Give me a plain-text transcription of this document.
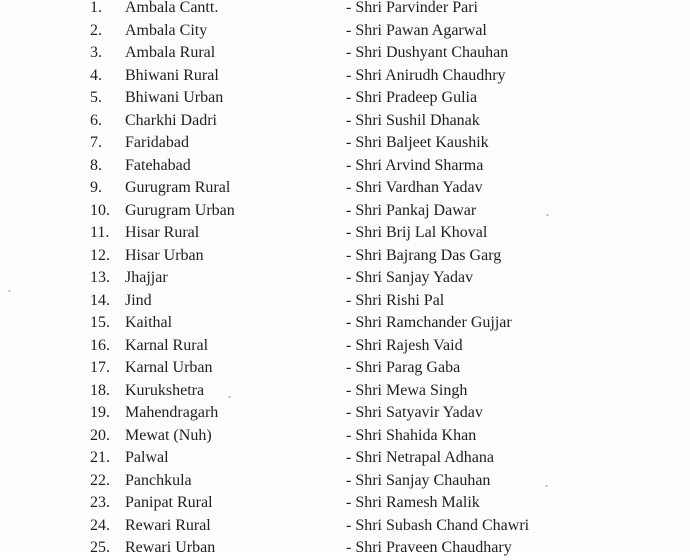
1.	Ambala Cantt.	- Shri Parvinder Pari
2.	Ambala City	- Shri Pawan Agarwal
3.	Ambala Rural	- Shri Dushyant Chauhan
4.	Bhiwani Rural	- Shri Anirudh Chaudhry
5.	Bhiwani Urban	- Shri Pradeep Gulia
6.	Charkhi Dadri	- Shri Sushil Dhanak
7.	Faridabad	- Shri Baljeet Kaushik
8.	Fatehabad	- Shri Arvind Sharma
9.	Gurugram Rural	- Shri Vardhan Yadav
10. Gurugram Urban	- Shri Pankaj Dawar
11. Hisar Rural	- Shri Brij Lal Khoval
12. Hisar Urban	- Shri Bajrang Das Garg
13. Jhajjar	- Shri Sanjay Yadav
14. Jind	- Shri Rishi Pal
15. Kaithal	- Shri Ramchander Gujjar
16. Karnal Rural	- Shri Rajesh Vaid
17. Karnal Urban	- Shri Parag Gaba
18. Kurukshetra	- Shri Mewa Singh
19. Mahendragarh	- Shri Satyavir Yadav
20. Mewat (Nuh)	- Shri Shahida Khan
21. Palwal	- Shri Netrapal Adhana
22. Panchkula	- Shri Sanjay Chauhan
23. Panipat Rural	- Shri Ramesh Malik
24. Rewari Rural	- Shri Subash Chand Chawri
25. Rewari Urban	- Shri Praveen Chaudhary
